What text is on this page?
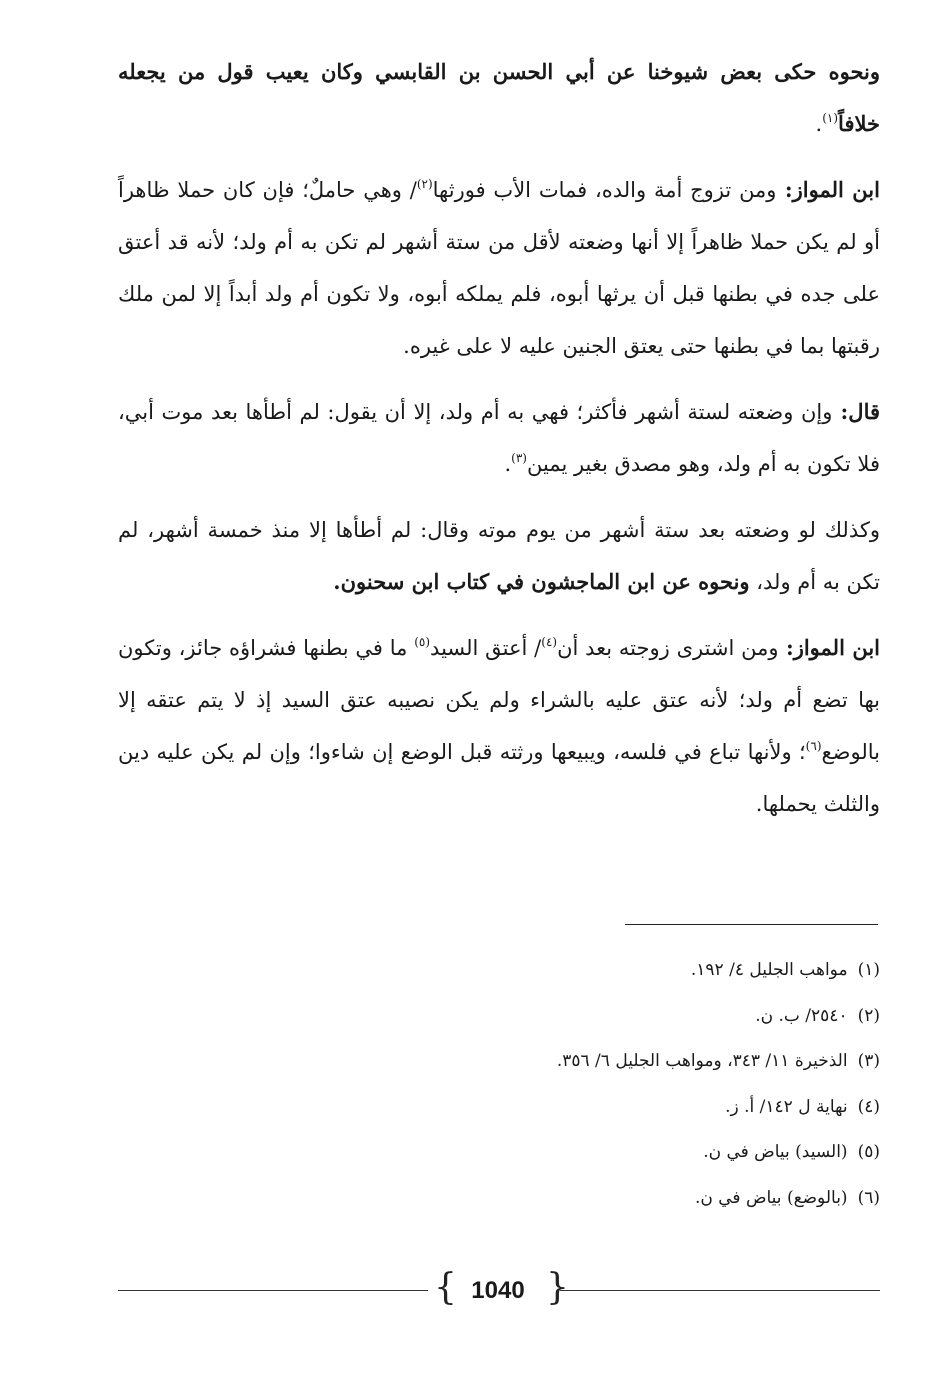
ونحوه حكى بعض شيوخنا عن أبي الحسن بن القابسي وكان يعيب قول من يجعله خلافاً$^{(١)}$.

ابن المواز: ومن تزوج أمة والده، فمات الأب فورثها$^{(٢)}$/ وهي حاملٌ؛ فإن كان حملا ظاهراً أو لم يكن حملا ظاهراً إلا أنها وضعته لأقل من ستة أشهر لم تكن به أم ولد؛ لأنه قد أعتق على جده في بطنها قبل أن يرثها أبوه، فلم يملكه أبوه، ولا تكون أم ولد أبداً إلا لمن ملك رقبتها بما في بطنها حتى يعتق الجنين عليه لا على غيره.

قال: وإن وضعته لستة أشهر فأكثر؛ فهي به أم ولد، إلا أن يقول: لم أطأها بعد موت أبي، فلا تكون به أم ولد، وهو مصدق بغير يمين$^{(٣)}$.

وكذلك لو وضعته بعد ستة أشهر من يوم موته وقال: لم أطأها إلا منذ خمسة أشهر، لم تكن به أم ولد، ونحوه عن ابن الماجشون في كتاب ابن سحنون.

ابن المواز: ومن اشترى زوجته بعد أن$^{(٤)}$/ أعتق السيد$^{(٥)}$ ما في بطنها فشراؤه جائز، وتكون بها تضع أم ولد؛ لأنه عتق عليه بالشراء ولم يكن نصيبه عتق السيد إذ لا يتم عتقه إلا بالوضع$^{(٦)}$؛ ولأنها تباع في فلسه، ويبيعها ورثته قبل الوضع إن شاءوا؛ وإن لم يكن عليه دين والثلث يحملها.

(١)مواهب الجليل ٤/ ١٩٢.
(٢)٢٥٤٠/ ب. ن.
(٣)الذخيرة ١١/ ٣٤٣، ومواهب الجليل ٦/ ٣٥٦.
(٤)نهاية ل ١٤٢/ أ. ز.
(٥)(السيد) بياض في ن.
(٦)(بالوضع) بياض في ن.
{ 1040 }
